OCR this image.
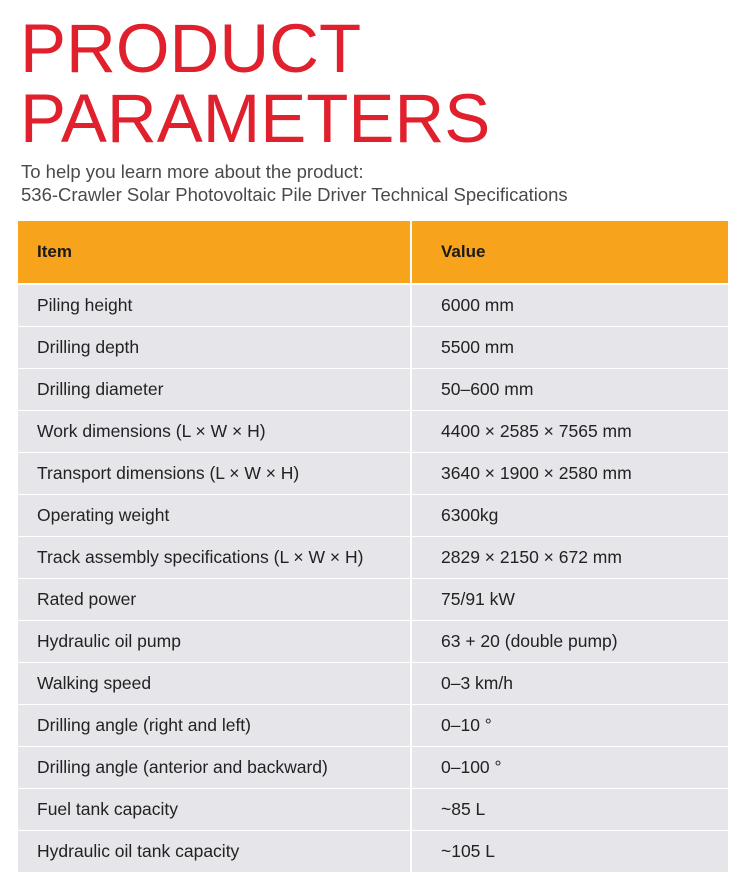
PRODUCT
PARAMETERS
To help you learn more about the product:
536-Crawler Solar Photovoltaic Pile Driver Technical Specifications
Item	Value
Piling height	6000 mm
Drilling depth	5500 mm
Drilling diameter	50–600 mm
Work dimensions (L × W × H)	4400 × 2585 × 7565 mm
Transport dimensions (L × W × H)	3640 × 1900 × 2580 mm
Operating weight	6300kg
Track assembly specifications (L × W × H)	2829 × 2150 × 672 mm
Rated power	75/91 kW
Hydraulic oil pump	63 + 20 (double pump)
Walking speed	0–3 km/h
Drilling angle (right and left)	0–10 °
Drilling angle (anterior and backward)	0–100 °
Fuel tank capacity	~85 L
Hydraulic oil tank capacity	~105 L
